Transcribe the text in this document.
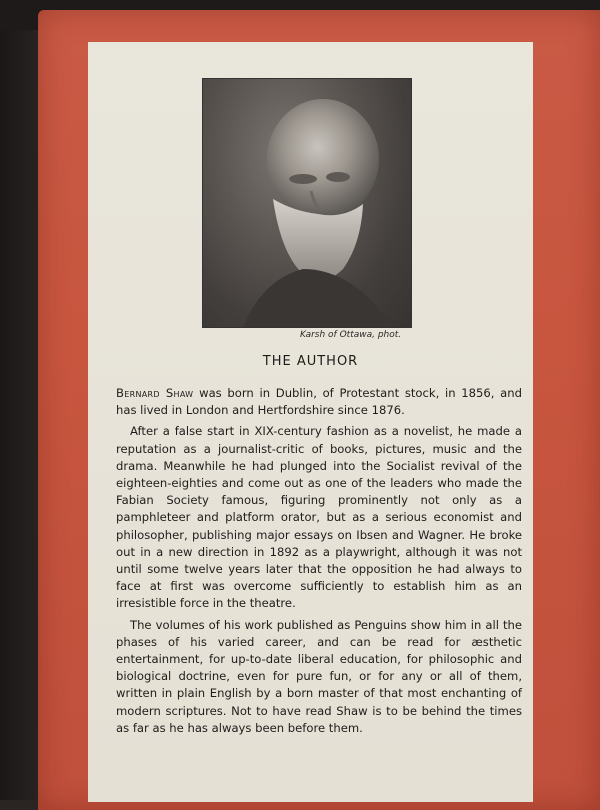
Karsh of Ottawa, phot.
THE AUTHOR

Bernard Shaw was born in Dublin, of Protestant stock, in 1856, and has lived in London and Hertfordshire since 1876.

After a false start in XIX-century fashion as a novelist, he made a reputation as a journalist-critic of books, pictures, music and the drama. Meanwhile he had plunged into the Socialist revival of the eighteen-eighties and come out as one of the leaders who made the Fabian Society famous, figuring prominently not only as a pamphleteer and platform orator, but as a serious economist and philosopher, publishing major essays on Ibsen and Wagner. He broke out in a new direction in 1892 as a playwright, although it was not until some twelve years later that the opposition he had always to face at first was overcome sufficiently to establish him as an irresistible force in the theatre.

The volumes of his work published as Penguins show him in all the phases of his varied career, and can be read for æsthetic entertainment, for up-to-date liberal education, for philosophic and biological doctrine, even for pure fun, or for any or all of them, written in plain English by a born master of that most enchanting of modern scriptures. Not to have read Shaw is to be behind the times as far as he has always been before them.
